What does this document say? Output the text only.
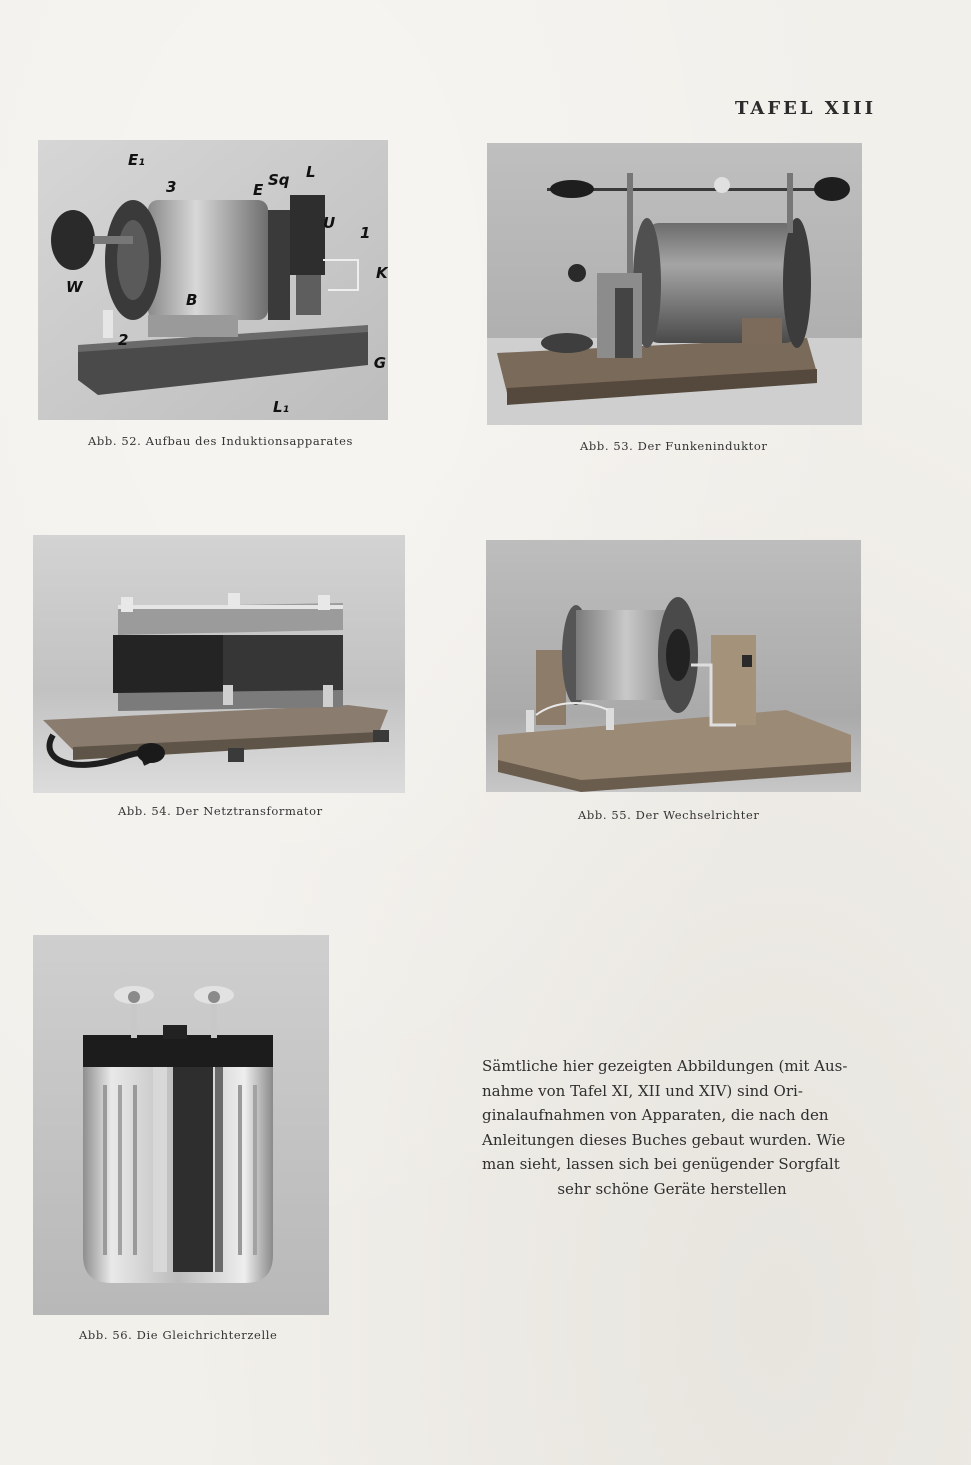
TAFEL XIII
E₁
3	Sq L
E
U
1
K
W
B
2
G
L₁
Abb. 52. Aufbau des Induktionsapparates	Abb. 53. Der Funkeninduktor
Abb. 54. Der Netztransformator	Abb. 55. Der Wechselrichter
Abb. 56. Die Gleichrichterzelle
Sämtliche hier gezeigten Abbildungen (mit Aus-
nahme von Tafel XI, XII und XIV) sind Ori-
ginalaufnahmen von Apparaten, die nach den
Anleitungen dieses Buches gebaut wurden. Wie
man sieht, lassen sich bei genügender Sorgfalt
sehr schöne Geräte herstellen
